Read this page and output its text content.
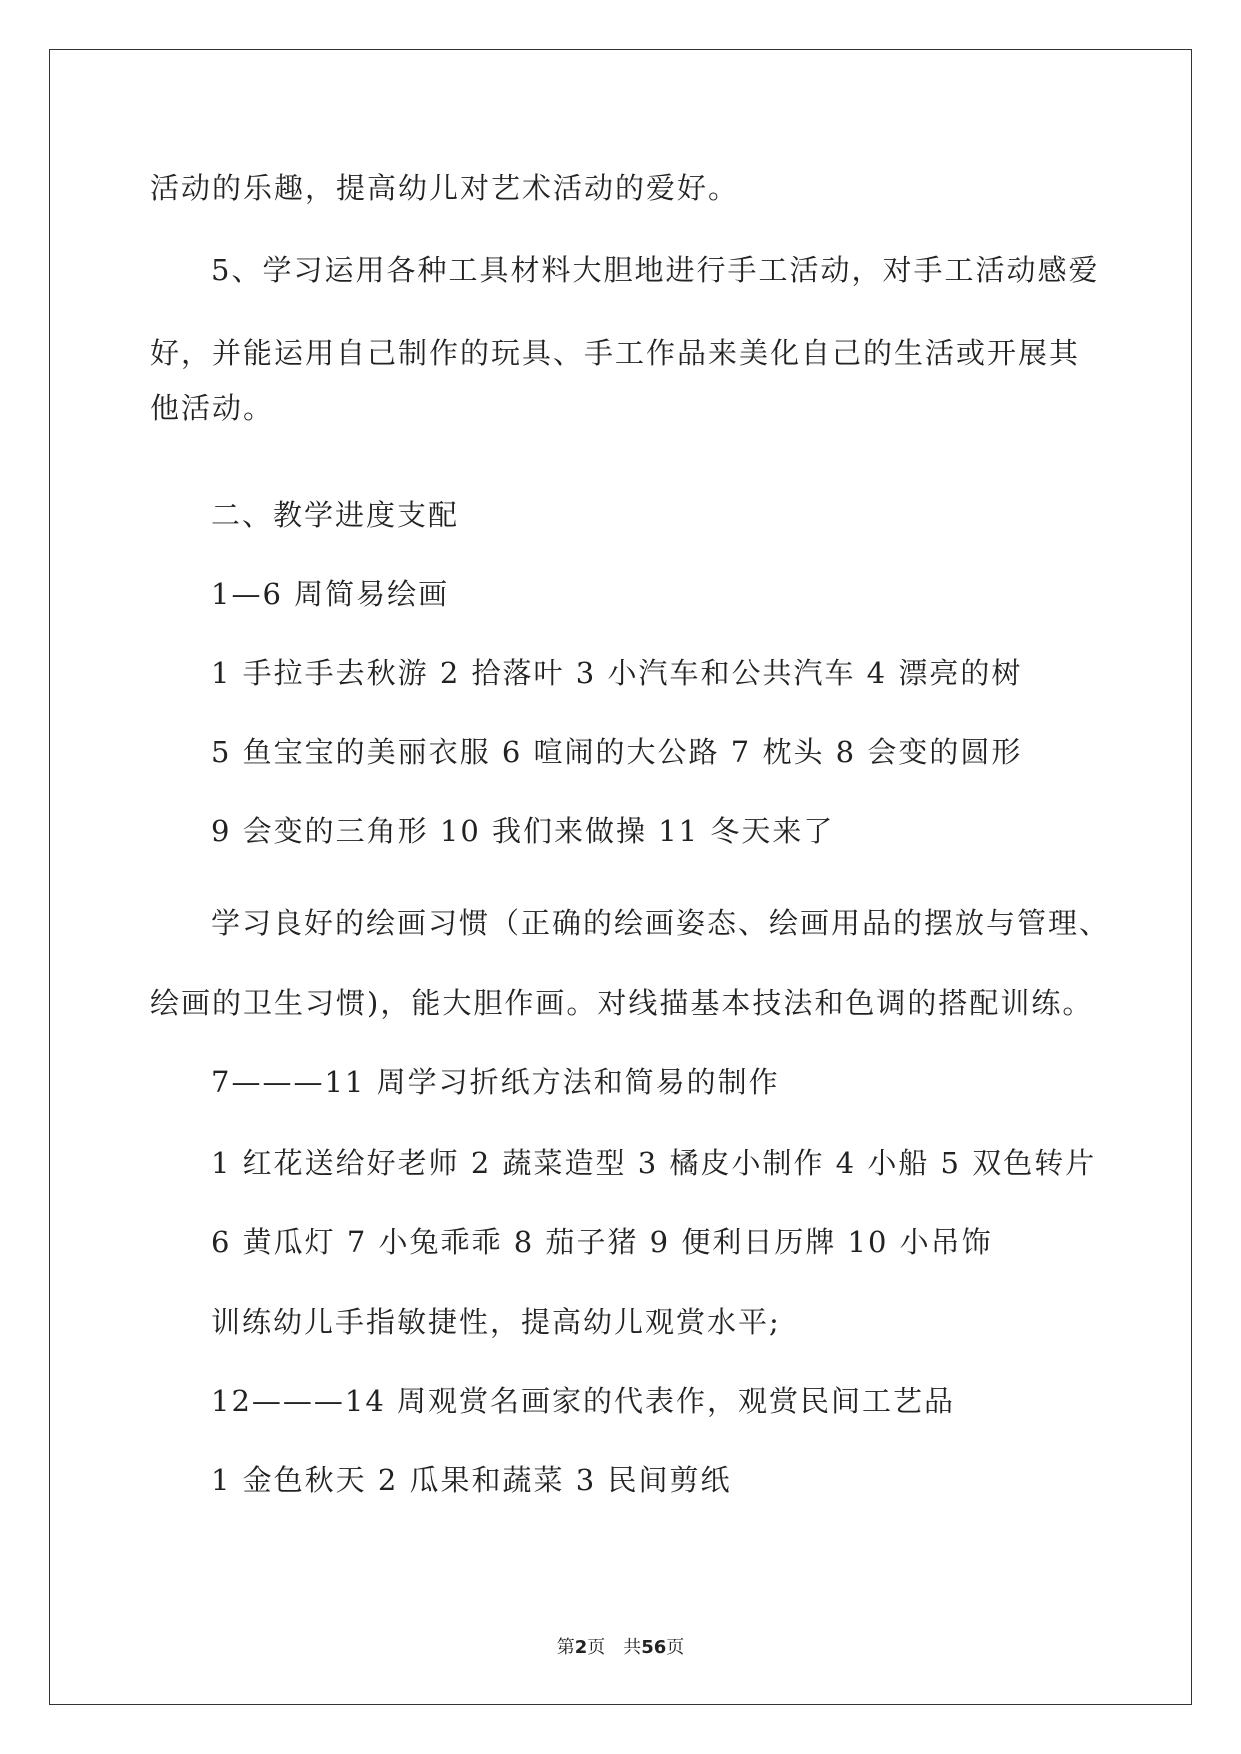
活动的乐趣，提高幼儿对艺术活动的爱好。
5、学习运用各种工具材料大胆地进行手工活动，对手工活动感爱
好，并能运用自己制作的玩具、手工作品来美化自己的生活或开展其
他活动。
二、教学进度支配
1—6 周简易绘画
1 手拉手去秋游 2 拾落叶 3 小汽车和公共汽车 4 漂亮的树
5 鱼宝宝的美丽衣服 6 喧闹的大公路 7 枕头 8 会变的圆形
9 会变的三角形 10 我们来做操 11 冬天来了
学习良好的绘画习惯（正确的绘画姿态、绘画用品的摆放与管理、
绘画的卫生习惯)，能大胆作画。对线描基本技法和色调的搭配训练。
7———11 周学习折纸方法和简易的制作
1 红花送给好老师 2 蔬菜造型 3 橘皮小制作 4 小船 5 双色转片
6 黄瓜灯 7 小兔乖乖 8 茄子猪 9 便利日历牌 10 小吊饰
训练幼儿手指敏捷性，提高幼儿观赏水平;
12———14 周观赏名画家的代表作，观赏民间工艺品
1 金色秋天 2 瓜果和蔬菜 3 民间剪纸
第2页　共56页
